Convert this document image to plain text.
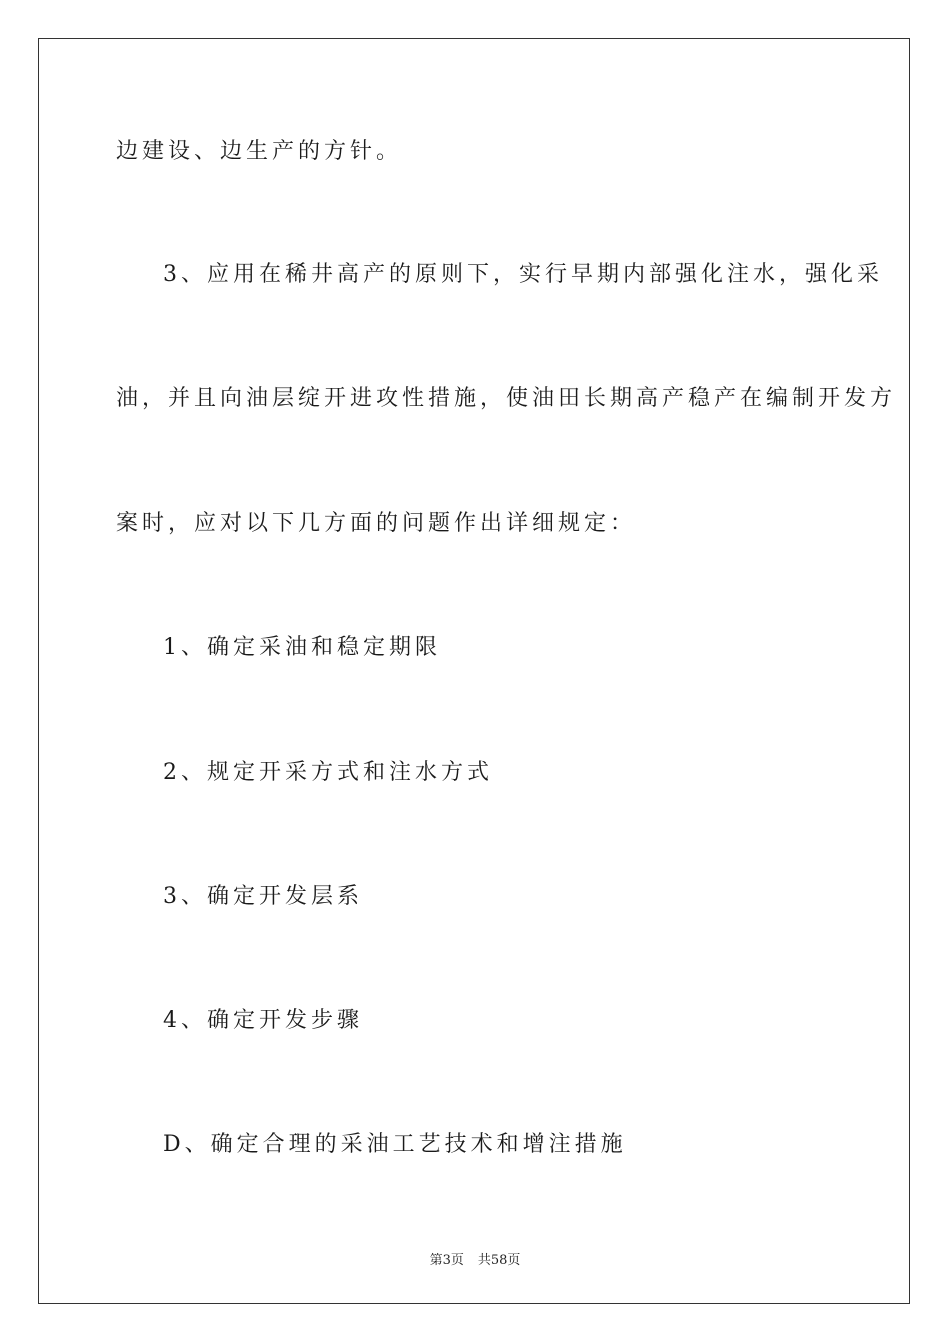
边建设、边生产的方针。
3、应用在稀井高产的原则下，实行早期内部强化注水，强化采
油，并且向油层绽开进攻性措施，使油田长期高产稳产在编制开发方
案时，应对以下几方面的问题作出详细规定：
1、确定采油和稳定期限
2、规定开采方式和注水方式
3、确定开发层系
4、确定开发步骤
D、确定合理的采油工艺技术和增注措施
第3页 共58页
